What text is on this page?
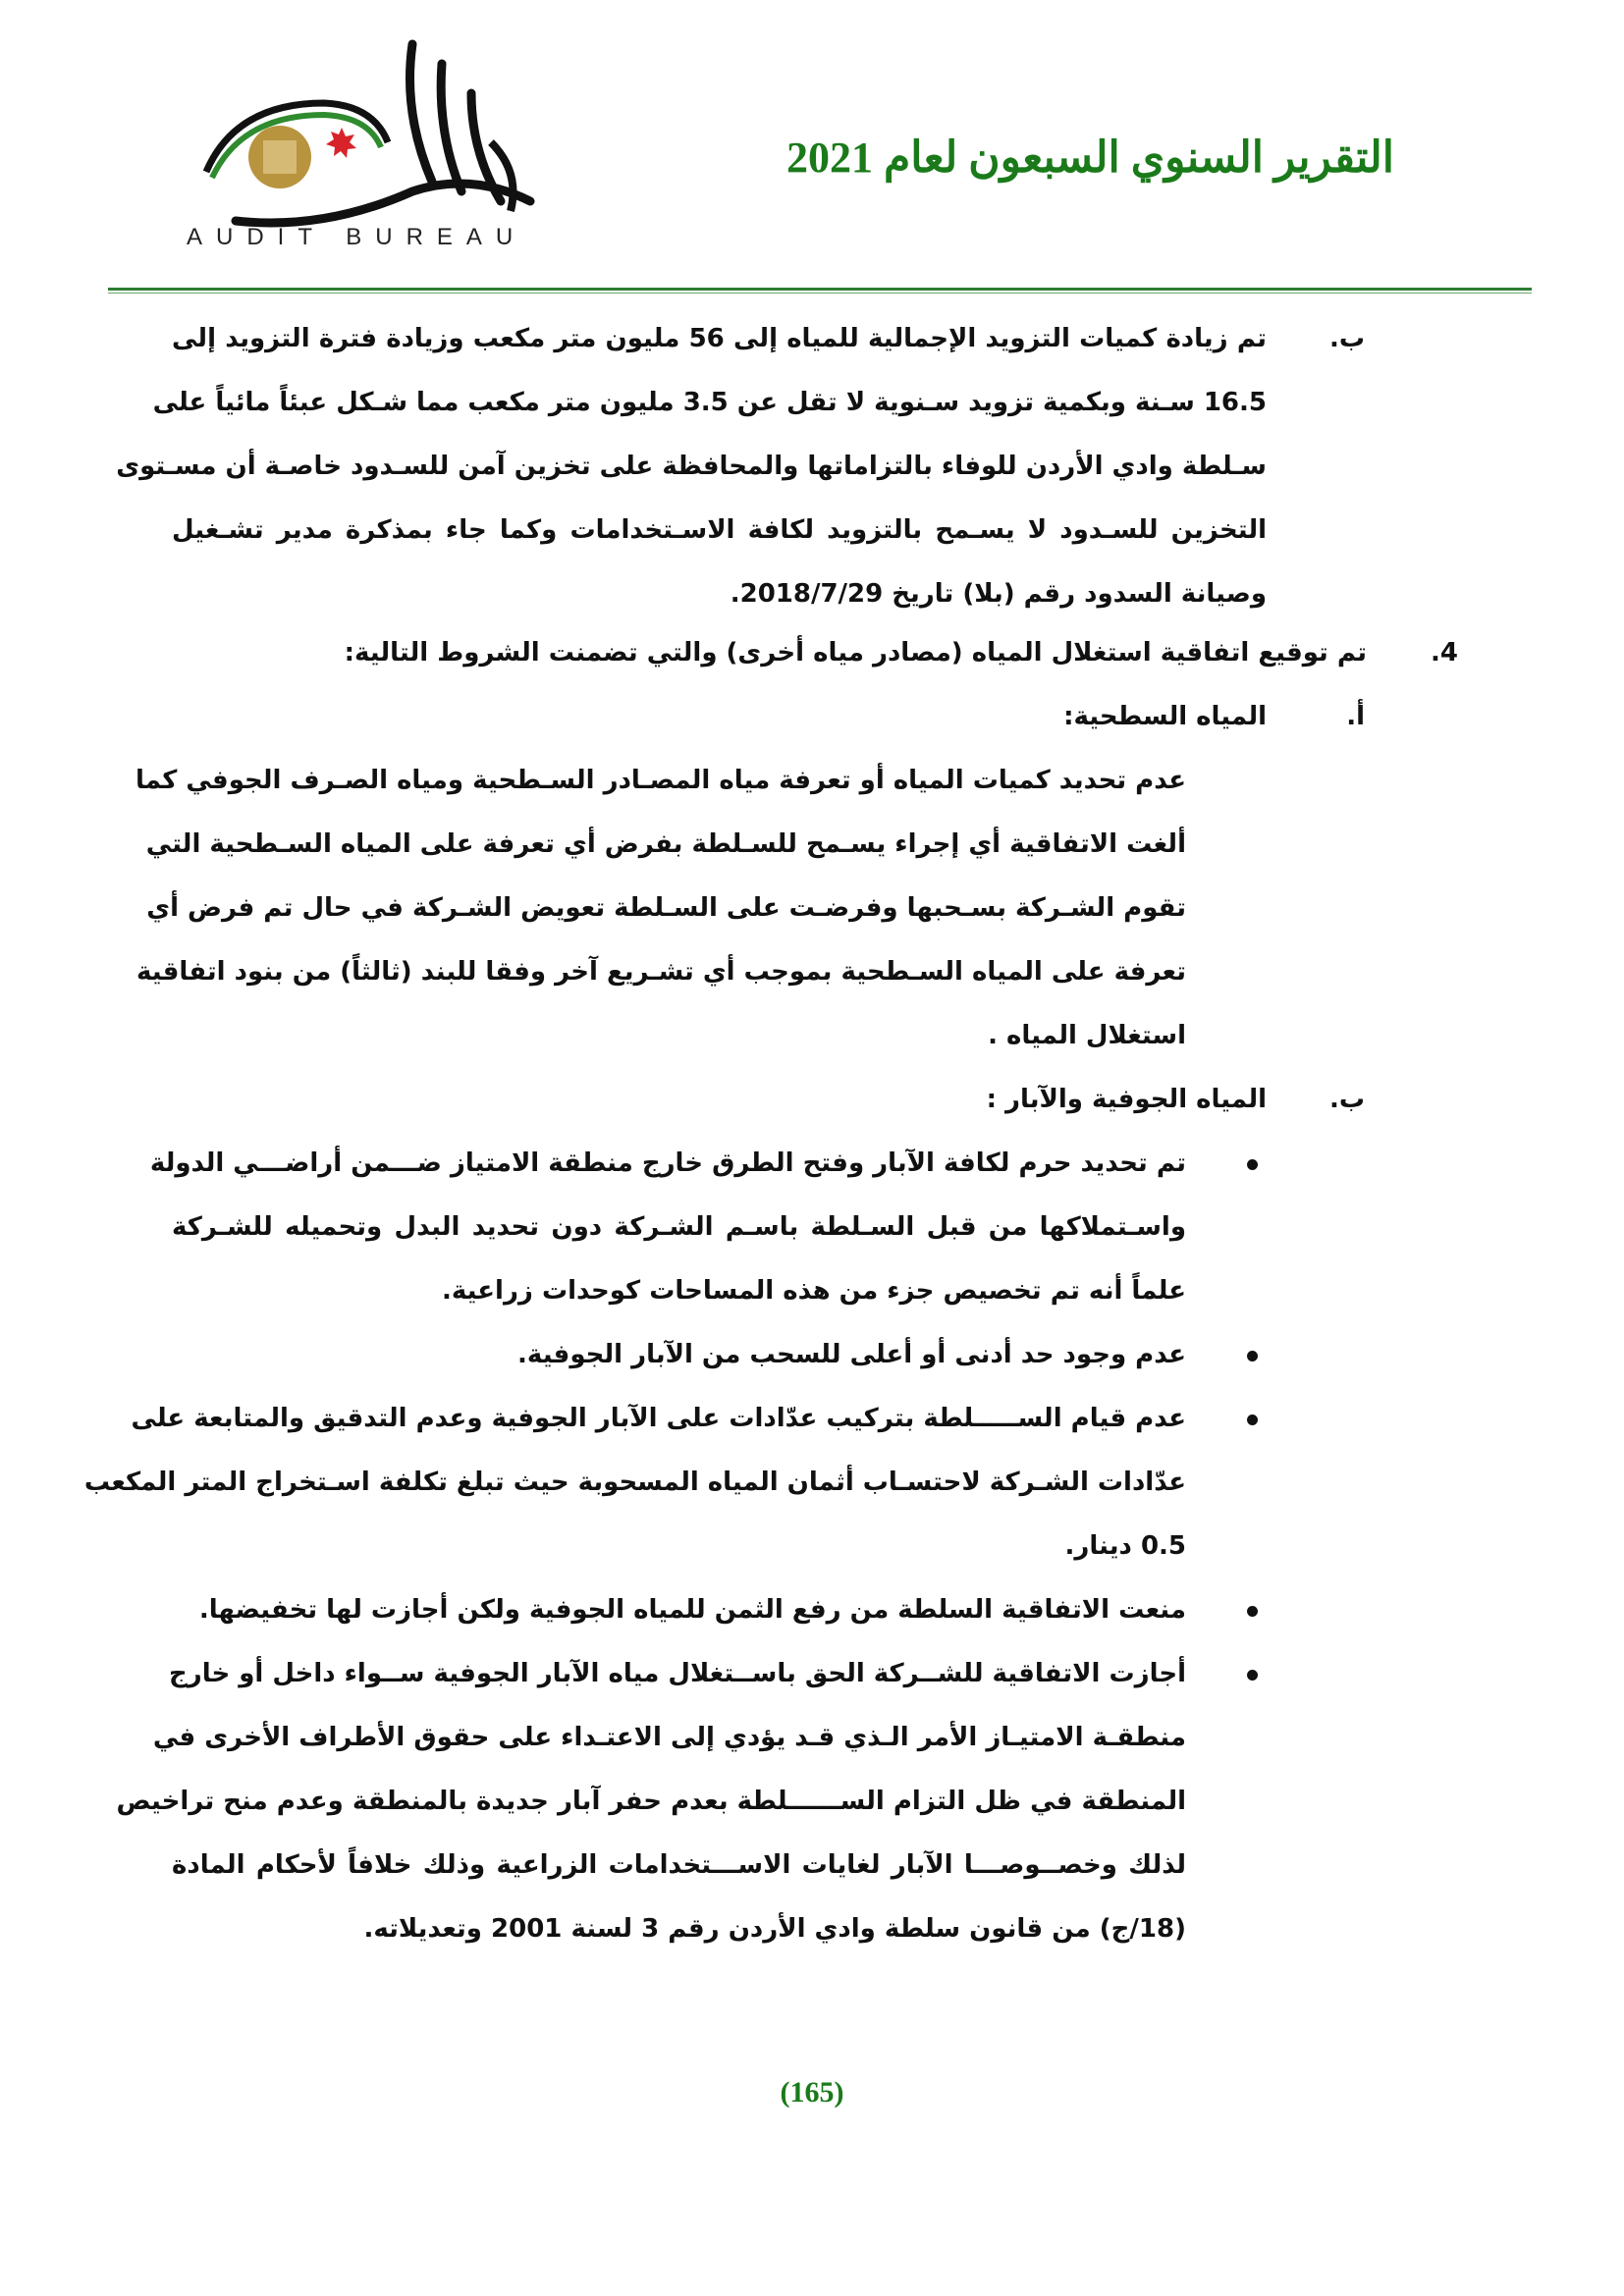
AUDIT BUREAU
التقرير السنوي السبعون لعام 2021
ب.
تم زيادة كميات التزويد الإجمالية للمياه إلى 56 مليون متر مكعب وزيادة فترة التزويد إلى
16.5 سـنة وبكمية تزويد سـنوية لا تقل عن 3.5 مليون متر مكعب مما شـكل عبئاً مائياً على
سـلطة وادي الأردن للوفاء بالتزاماتها والمحافظة على تخزين آمن للسـدود خاصـة أن مسـتوى
التخزين للسـدود لا يسـمح بالتزويد لكافة الاسـتخدامات وكما جاء بمذكرة مدير تشـغيل
وصيانة السدود رقم (بلا) تاريخ 2018/7/29.
4.
تم توقيع اتفاقية استغلال المياه (مصادر مياه أخرى) والتي تضمنت الشروط التالية:
أ.
المياه السطحية:
عدم تحديد كميات المياه أو تعرفة مياه المصـادر السـطحية ومياه الصـرف الجوفي كما
ألغت الاتفاقية أي إجراء يسـمح للسـلطة بفرض أي تعرفة على المياه السـطحية التي
تقوم الشـركة بسـحبها وفرضـت على السـلطة تعويض الشـركة في حال تم فرض أي
تعرفة على المياه السـطحية بموجب أي تشـريع آخر وفقا للبند (ثالثاً) من بنود اتفاقية
استغلال المياه .
ب.
المياه الجوفية والآبار :
تم تحديد حرم لكافة الآبار وفتح الطرق خارج منطقة الامتياز ضـــمن أراضـــي الدولة
واسـتملاكها من قبل السـلطة باسـم الشـركة دون تحديد البدل وتحميله للشـركة
علماً أنه تم تخصيص جزء من هذه المساحات كوحدات زراعية.
عدم وجود حد أدنى أو أعلى للسحب من الآبار الجوفية.
عدم قيام الســـــلطة بتركيب عدّادات على الآبار الجوفية وعدم التدقيق والمتابعة على
عدّادات الشـركة لاحتسـاب أثمان المياه المسحوبة حيث تبلغ تكلفة اسـتخراج المتر المكعب
0.5 دينار.
منعت الاتفاقية السلطة من رفع الثمن للمياه الجوفية ولكن أجازت لها تخفيضها.
أجازت الاتفاقية للشــركة الحق باســتغلال مياه الآبار الجوفية ســواء داخل أو خارج
منطقـة الامتيـاز الأمر الـذي قـد يؤدي إلى الاعتـداء على حقوق الأطراف الأخرى في
المنطقة في ظل التزام الســــــلطة بعدم حفر آبار جديدة بالمنطقة وعدم منح تراخيص
لذلك وخصــوصـــا الآبار لغايات الاســـتخدامات الزراعية وذلك خلافاً لأحكام المادة
(18/ج) من قانون سلطة وادي الأردن رقم 3 لسنة 2001 وتعديلاته.
(165)
